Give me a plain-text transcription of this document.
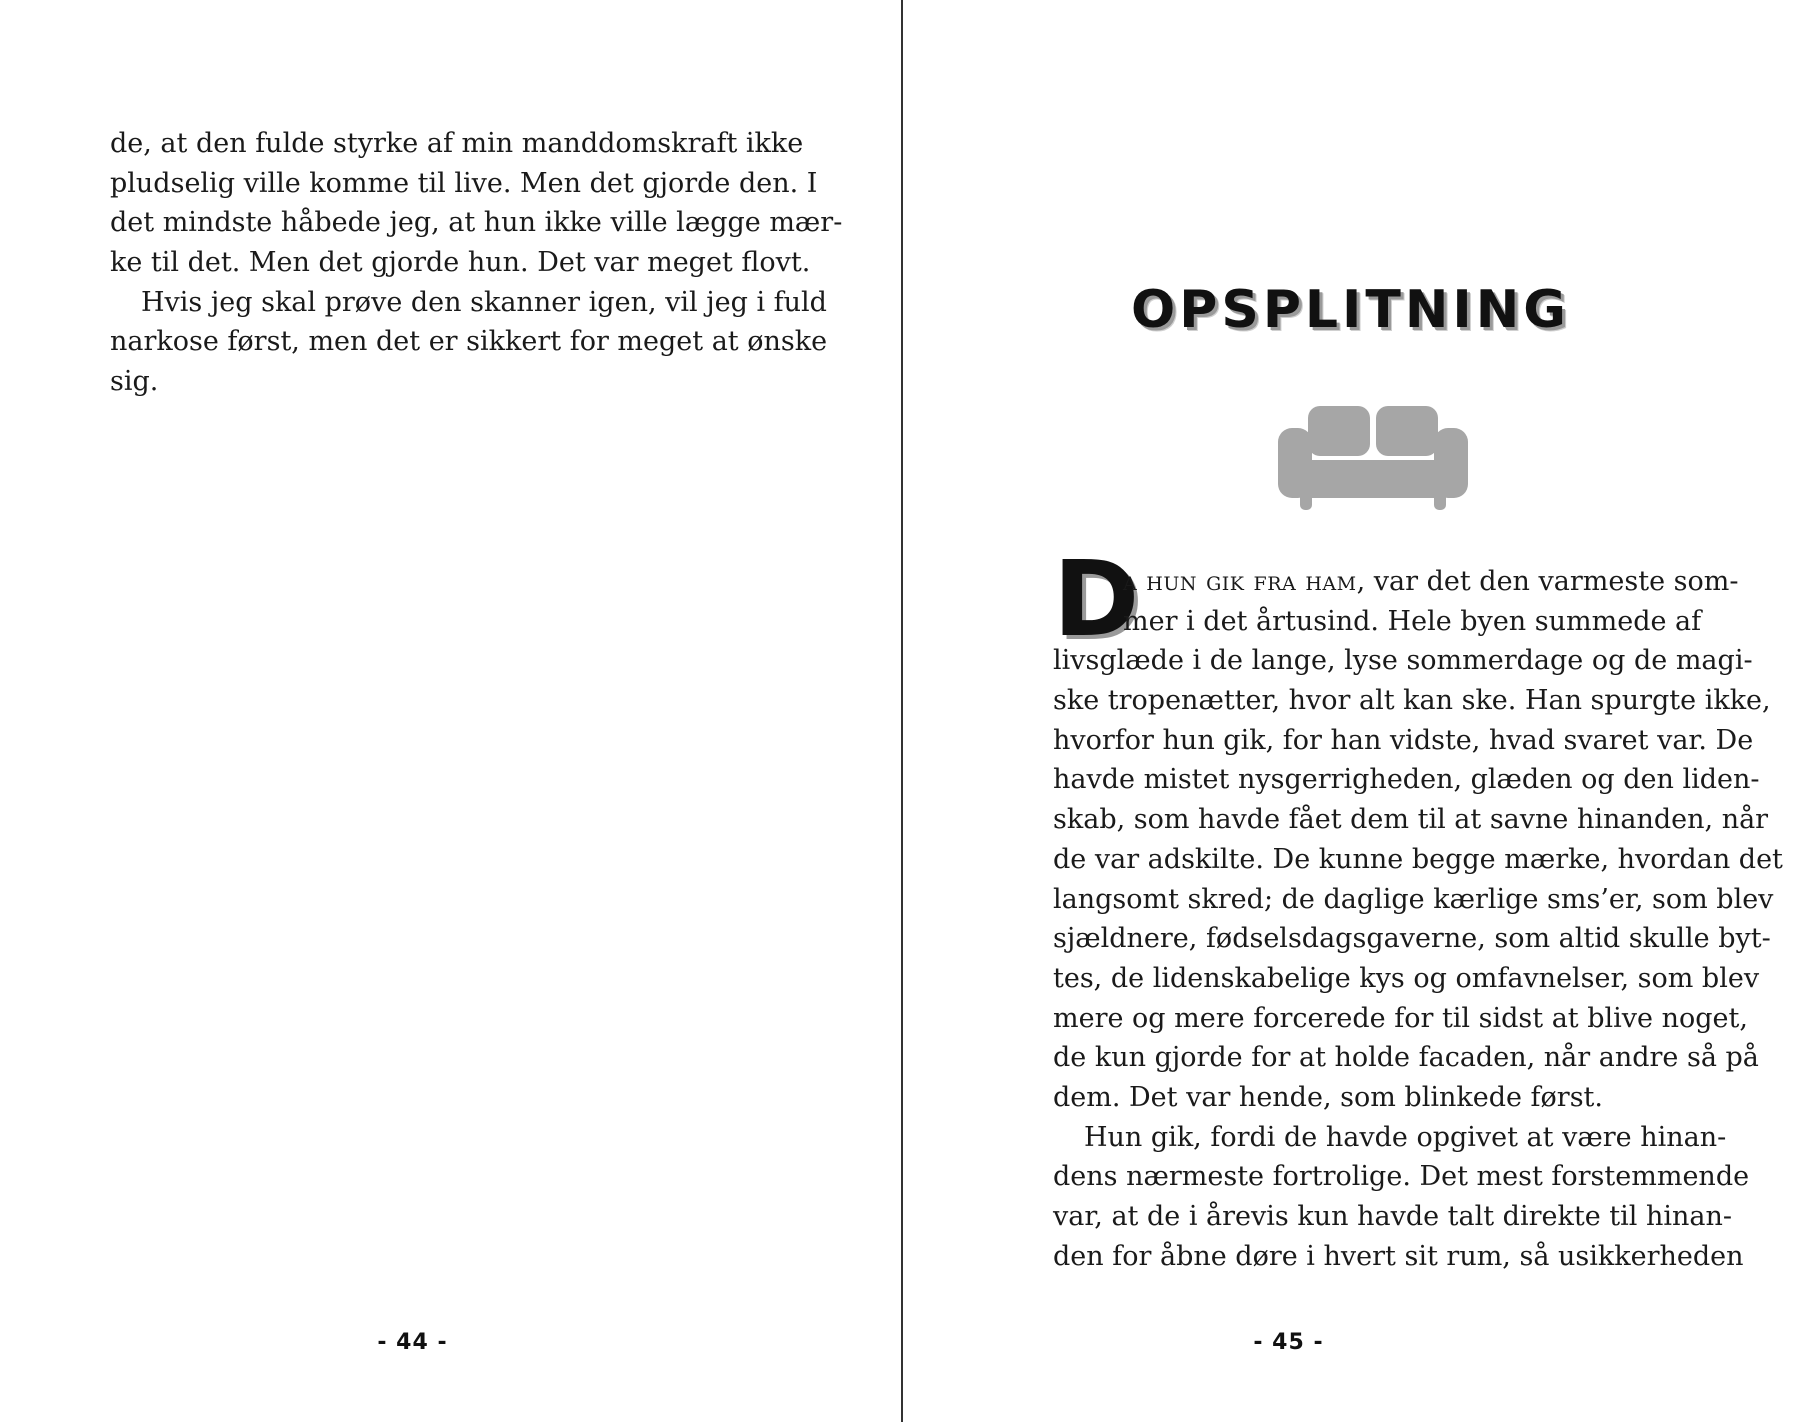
de, at den fulde styrke af min manddomskraft ikke
pludselig ville komme til live. Men det gjorde den. I
det mindste håbede jeg, at hun ikke ville lægge mær-
ke til det. Men det gjorde hun. Det var meget flovt.
Hvis jeg skal prøve den skanner igen, vil jeg i fuld
narkose først, men det er sikkert for meget at ønske
sig.
- 44 -
OPSPLITNING
D
a hun gik fra ham, var det den varmeste som-
mer i det årtusind. Hele byen summede af
livsglæde i de lange, lyse sommerdage og de magi-
ske tropenætter, hvor alt kan ske. Han spurgte ikke,
hvorfor hun gik, for han vidste, hvad svaret var. De
havde mistet nysgerrigheden, glæden og den liden-
skab, som havde fået dem til at savne hinanden, når
de var adskilte. De kunne begge mærke, hvordan det
langsomt skred; de daglige kærlige sms’er, som blev
sjældnere, fødselsdagsgaverne, som altid skulle byt-
tes, de lidenskabelige kys og omfavnelser, som blev
mere og mere forcerede for til sidst at blive noget,
de kun gjorde for at holde facaden, når andre så på
dem. Det var hende, som blinkede først.
Hun gik, fordi de havde opgivet at være hinan-
dens nærmeste fortrolige. Det mest forstemmende
var, at de i årevis kun havde talt direkte til hinan-
den for åbne døre i hvert sit rum, så usikkerheden
- 45 -
